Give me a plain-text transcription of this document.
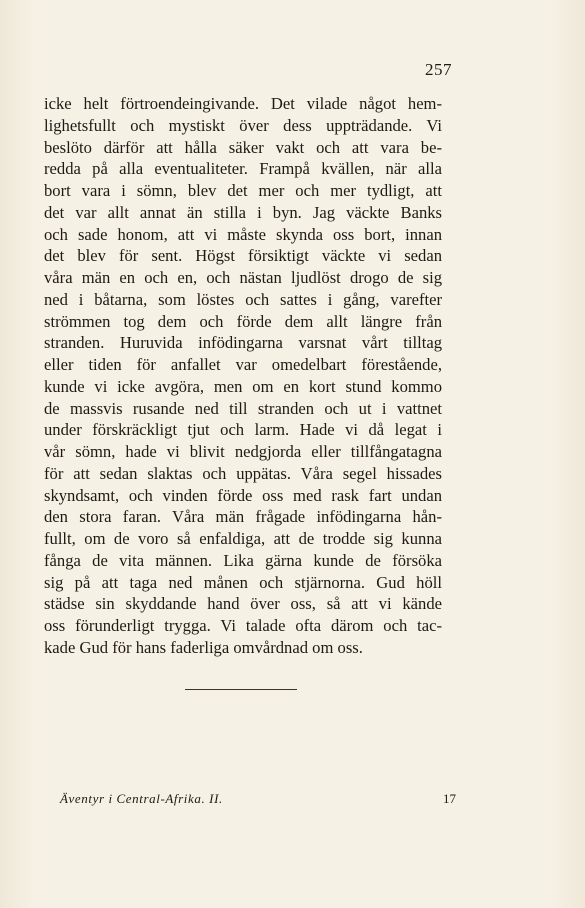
257
icke helt förtroendeingivande. Det vilade något hem-
lighetsfullt och mystiskt över dess uppträdande. Vi
beslöto därför att hålla säker vakt och att vara be-
redda på alla eventualiteter. Frampå kvällen, när alla
bort vara i sömn, blev det mer och mer tydligt, att
det var allt annat än stilla i byn. Jag väckte Banks
och sade honom, att vi måste skynda oss bort, innan
det blev för sent. Högst försiktigt väckte vi sedan
våra män en och en, och nästan ljudlöst drogo de sig
ned i båtarna, som löstes och sattes i gång, varefter
strömmen tog dem och förde dem allt längre från
stranden. Huruvida infödingarna varsnat vårt tilltag
eller tiden för anfallet var omedelbart förestående,
kunde vi icke avgöra, men om en kort stund kommo
de massvis rusande ned till stranden och ut i vattnet
under förskräckligt tjut och larm. Hade vi då legat i
vår sömn, hade vi blivit nedgjorda eller tillfångatagna
för att sedan slaktas och uppätas. Våra segel hissades
skyndsamt, och vinden förde oss med rask fart undan
den stora faran. Våra män frågade infödingarna hån-
fullt, om de voro så enfaldiga, att de trodde sig kunna
fånga de vita männen. Lika gärna kunde de försöka
sig på att taga ned månen och stjärnorna. Gud höll
städse sin skyddande hand över oss, så att vi kände
oss förunderligt trygga. Vi talade ofta därom och tac-
kade Gud för hans faderliga omvårdnad om oss.
Äventyr i Central-Afrika. II.	17
